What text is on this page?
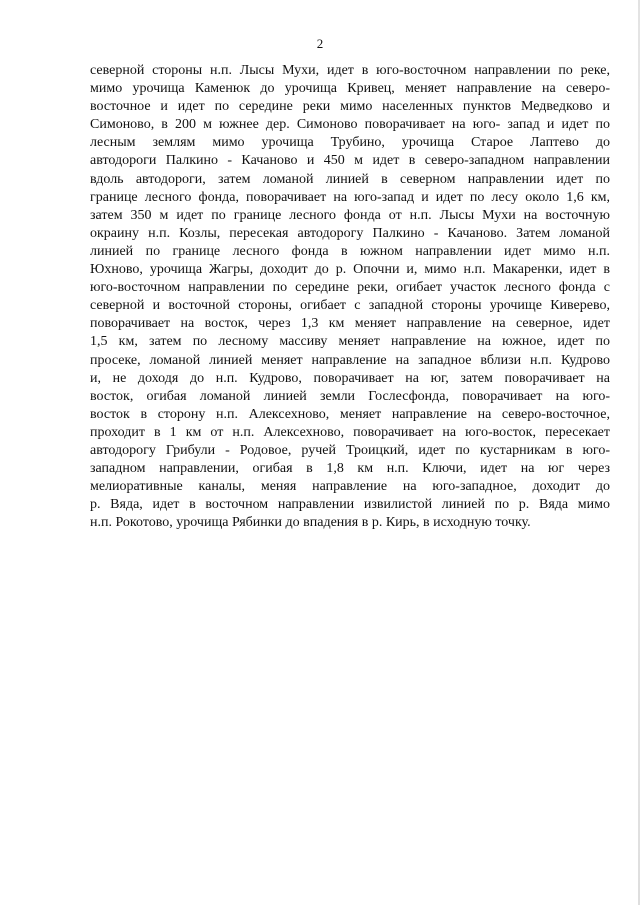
2
северной стороны н.п. Лысы Мухи, идет в юго-восточном направлении по реке,
мимо урочища Каменюк до урочища Кривец, меняет направление на северо-
восточное и идет по середине реки мимо населенных пунктов Медведково и
Симоново, в 200 м южнее дер. Симоново поворачивает на юго- запад и идет по
лесным землям мимо урочища Трубино, урочища Старое Лаптево до
автодороги Палкино - Качаново и 450 м идет в северо-западном направлении
вдоль автодороги, затем ломаной линией в северном направлении идет по
границе лесного фонда, поворачивает на юго-запад и идет по лесу около 1,6 км,
затем 350 м идет по границе лесного фонда от н.п. Лысы Мухи на восточную
окраину н.п. Козлы, пересекая автодорогу Палкино - Качаново. Затем ломаной
линией по границе лесного фонда в южном направлении идет мимо н.п.
Юхново, урочища Жагры, доходит до р. Опочни и, мимо н.п. Макаренки, идет в
юго-восточном направлении по середине реки, огибает участок лесного фонда с
северной и восточной стороны, огибает с западной стороны урочище Киверево,
поворачивает на восток, через 1,3 км меняет направление на северное, идет
1,5 км, затем по лесному массиву меняет направление на южное, идет по
просеке, ломаной линией меняет направление на западное вблизи н.п. Кудрово
и, не доходя до н.п. Кудрово, поворачивает на юг, затем поворачивает на
восток, огибая ломаной линией земли Гослесфонда, поворачивает на юго-
восток в сторону н.п. Алексехново, меняет направление на северо-восточное,
проходит в 1 км от н.п. Алексехново, поворачивает на юго-восток, пересекает
автодорогу Грибули - Родовое, ручей Троицкий, идет по кустарникам в юго-
западном направлении, огибая в 1,8 км н.п. Ключи, идет на юг через
мелиоративные каналы, меняя направление на юго-западное, доходит до
р. Вяда, идет в восточном направлении извилистой линией по р. Вяда мимо
н.п. Рокотово, урочища Рябинки до впадения в р. Кирь, в исходную точку.
